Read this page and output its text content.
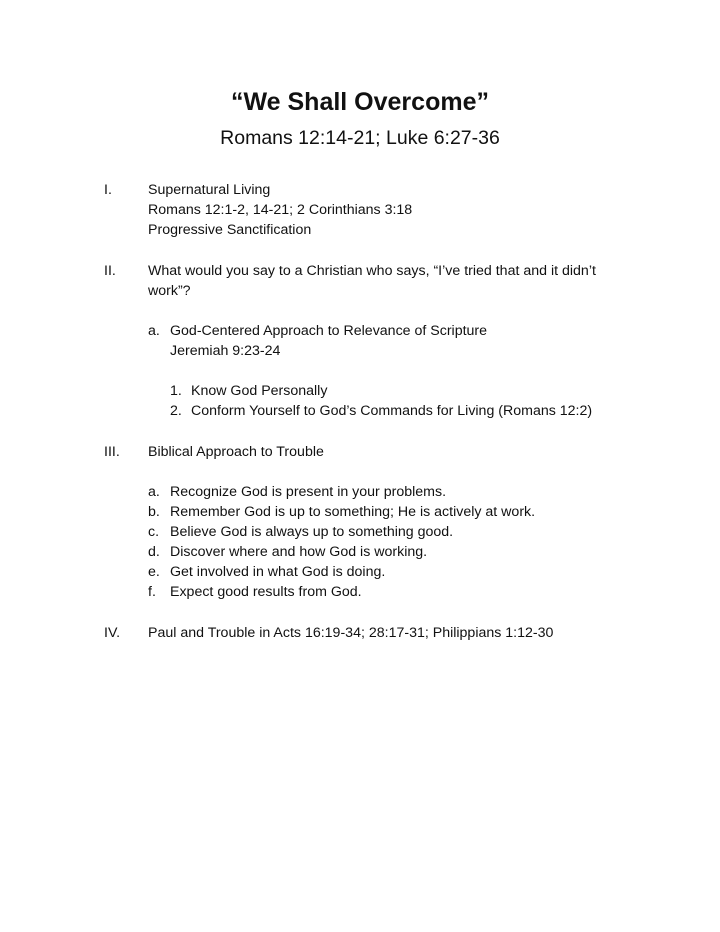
“We Shall Overcome”
Romans 12:14-21; Luke 6:27-36
I.	Supernatural Living
Romans 12:1-2, 14-21; 2 Corinthians 3:18
Progressive Sanctification
II. What would you say to a Christian who says, “I’ve tried that and it didn’t
work”?
a. God-Centered Approach to Relevance of Scripture
Jeremiah 9:23-24
1. Know God Personally
2. Conform Yourself to God’s Commands for Living (Romans 12:2)
III. Biblical Approach to Trouble
a. Recognize God is present in your problems.
b. Remember God is up to something; He is actively at work.
c. Believe God is always up to something good.
d. Discover where and how God is working.
e. Get involved in what God is doing.
f. Expect good results from God.
IV. Paul and Trouble in Acts 16:19-34; 28:17-31; Philippians 1:12-30
